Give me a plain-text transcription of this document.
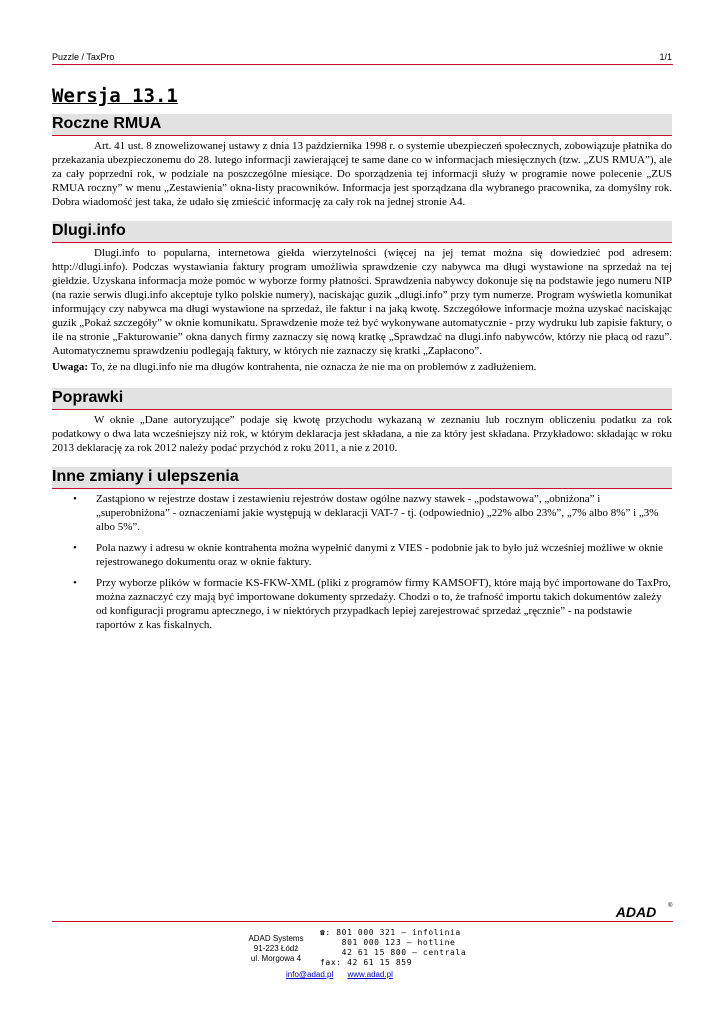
Puzzle / TaxPro	1/1
Wersja 13.1
Roczne RMUA

Art. 41 ust. 8 znowelizowanej ustawy z dnia 13 października 1998 r. o systemie ubezpieczeń społecznych, zobowiązuje płatnika do przekazania ubezpieczonemu do 28. lutego informacji zawierającej te same dane co w informacjach miesięcznych (tzw. „ZUS RMUA”), ale za cały poprzedni rok, w podziale na poszczególne miesiące. Do sporządzenia tej informacji służy w programie nowe polecenie „ZUS RMUA roczny” w menu „Zestawienia” okna-listy pracowników. Informacja jest sporządzana dla wybranego pracownika, za domyślny rok. Dobra wiadomość jest taka, że udało się zmieścić informację za cały rok na jednej stronie A4.

Dlugi.info

Dlugi.info to popularna, internetowa giełda wierzytelności (więcej na jej temat można się dowiedzieć pod adresem: http://dlugi.info). Podczas wystawiania faktury program umożliwia sprawdzenie czy nabywca ma długi wystawione na sprzedaż na tej giełdzie. Uzyskana informacja może pomóc w wyborze formy płatności. Sprawdzenia nabywcy dokonuje się na podstawie jego numeru NIP (na razie serwis dlugi.info akceptuje tylko polskie numery), naciskając guzik „dlugi.info” przy tym numerze. Program wyświetla komunikat informujący czy nabywca ma długi wystawione na sprzedaż, ile faktur i na jaką kwotę. Szczegółowe informacje można uzyskać naciskając guzik „Pokaż szczegóły” w oknie komunikatu. Sprawdzenie może też być wykonywane automatycznie - przy wydruku lub zapisie faktury, o ile na stronie „Fakturowanie” okna danych firmy zaznaczy się nową kratkę „Sprawdzać na dlugi.info nabywców, którzy nie płacą od razu”. Automatycznemu sprawdzeniu podlegają faktury, w których nie zaznaczy się kratki „Zapłacono”.

Uwaga: To, że na dlugi.info nie ma długów kontrahenta, nie oznacza że nie ma on problemów z zadłużeniem.

Poprawki

W oknie „Dane autoryzujące” podaje się kwotę przychodu wykazaną w zeznaniu lub rocznym obliczeniu podatku za rok podatkowy o dwa lata wcześniejszy niż rok, w którym deklaracja jest składana, a nie za który jest składana. Przykładowo: składając w roku 2013 deklarację za rok 2012 należy podać przychód z roku 2011, a nie z 2010.

Inne zmiany i ulepszenia
• Zastąpiono w rejestrze dostaw i zestawieniu rejestrów dostaw ogólne nazwy stawek - „podstawowa”, „obniżona” i „superobniżona” - oznaczeniami jakie występują w deklaracji VAT-7 - tj. (odpowiednio) „22% albo 23%”, „7% albo 8%” i „3% albo 5%”.
• Pola nazwy i adresu w oknie kontrahenta można wypełnić danymi z VIES - podobnie jak to było już wcześniej możliwe w oknie rejestrowanego dokumentu oraz w oknie faktury.
• Przy wyborze plików w formacie KS-FKW-XML (pliki z programów firmy KAMSOFT), które mają być importowane do TaxPro, można zaznaczyć czy mają być importowane dokumenty sprzedaży. Chodzi o to, że trafność importu takich dokumentów zależy od konfiguracji programu aptecznego, i w niektórych przypadkach lepiej zarejestrować sprzedaż „ręcznie” - na podstawie raportów z kas fiskalnych.
ADAD ®
ADAD Systems
91-223 Łódź
ul. Morgowa 4
☎: 801 000 321 – infolinia
801 000 123 – hotline
42 61 15 800 – centrala
fax: 42 61 15 859
info@adad.pl www.adad.pl
